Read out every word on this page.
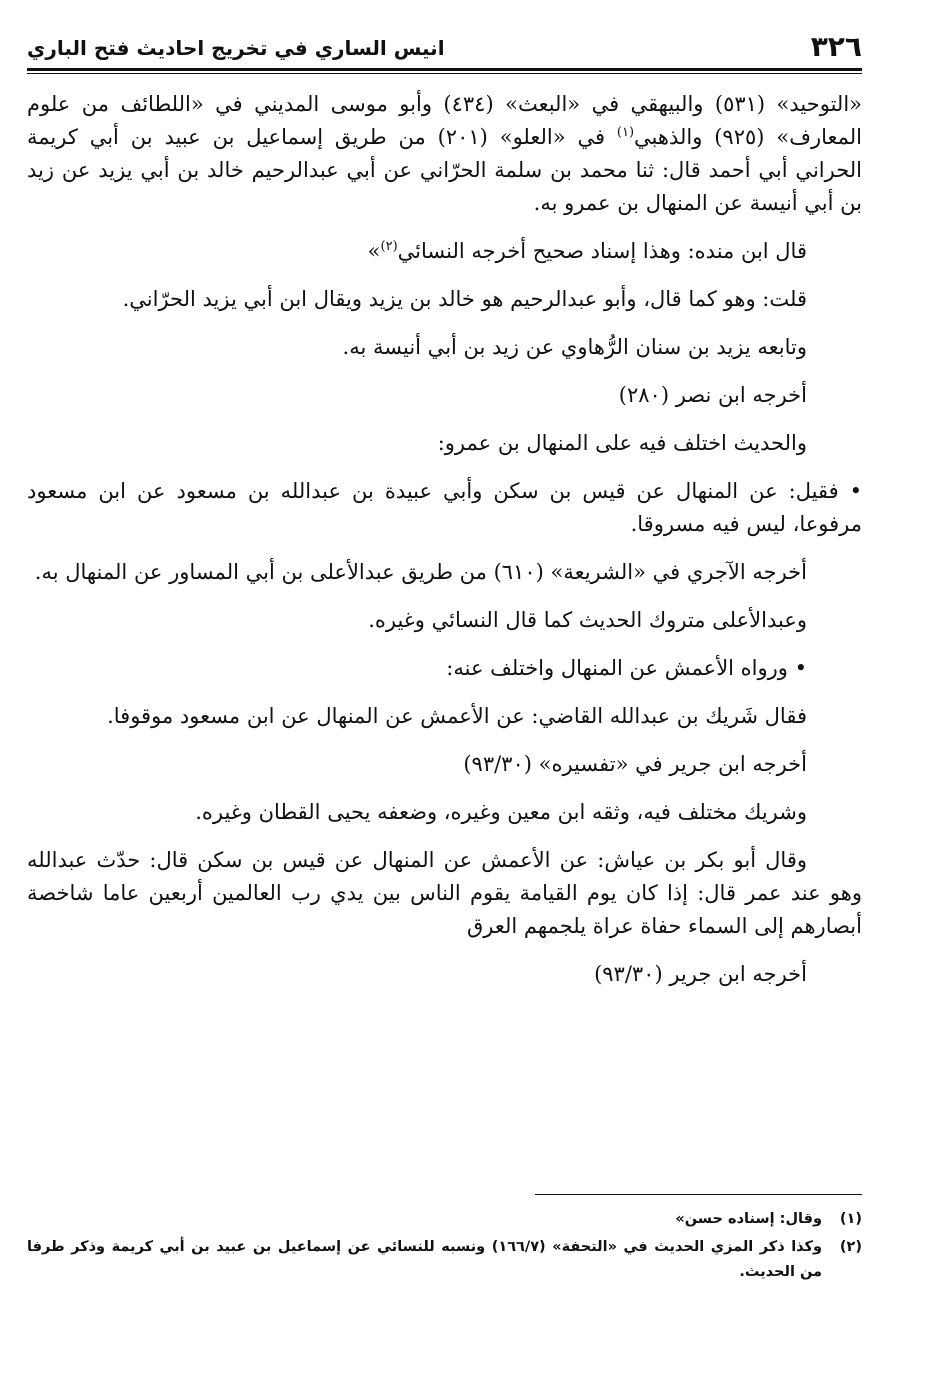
٣٢٦
انيس الساري في تخريج احاديث فتح الباري

«التوحيد» (٥٣١) والبيهقي في «البعث» (٤٣٤) وأبو موسى المديني في «اللطائف من علوم المعارف» (٩٢٥) والذهبي$^{(١)}$ في «العلو» (٢٠١) من طريق إسماعيل بن عبيد بن أبي كريمة الحراني أبي أحمد قال: ثنا محمد بن سلمة الحرّاني عن أبي عبدالرحيم خالد بن أبي يزيد عن زيد بن أبي أنيسة عن المنهال بن عمرو به.

قال ابن منده: وهذا إسناد صحيح أخرجه النسائي$^{(٢)}$»

قلت: وهو كما قال، وأبو عبدالرحيم هو خالد بن يزيد ويقال ابن أبي يزيد الحرّاني.

وتابعه يزيد بن سنان الرُّهاوي عن زيد بن أبي أنيسة به.

أخرجه ابن نصر (٢٨٠)

والحديث اختلف فيه على المنهال بن عمرو:

• فقيل: عن المنهال عن قيس بن سكن وأبي عبيدة بن عبدالله بن مسعود عن ابن مسعود مرفوعا، ليس فيه مسروقا.

أخرجه الآجري في «الشريعة» (٦١٠) من طريق عبدالأعلى بن أبي المساور عن المنهال به.

وعبدالأعلى متروك الحديث كما قال النسائي وغيره.

• ورواه الأعمش عن المنهال واختلف عنه:

فقال شَريك بن عبدالله القاضي: عن الأعمش عن المنهال عن ابن مسعود موقوفا.

أخرجه ابن جرير في «تفسيره» (٩٣/٣٠)

وشريك مختلف فيه، وثقه ابن معين وغيره، وضعفه يحيى القطان وغيره.

وقال أبو بكر بن عياش: عن الأعمش عن المنهال عن قيس بن سكن قال: حدّث عبدالله وهو عند عمر قال: إذا كان يوم القيامة يقوم الناس بين يدي رب العالمين أربعين عاما شاخصة أبصارهم إلى السماء حفاة عراة يلجمهم العرق

أخرجه ابن جرير (٩٣/٣٠)

(١)
وقال: إسناده حسن»
(٢)
وكذا ذكر المزي الحديث في «التحفة» (١٦٦/٧) ونسبه للنسائي عن إسماعيل بن عبيد بن أبي كريمة وذكر طرفا من الحديث.
